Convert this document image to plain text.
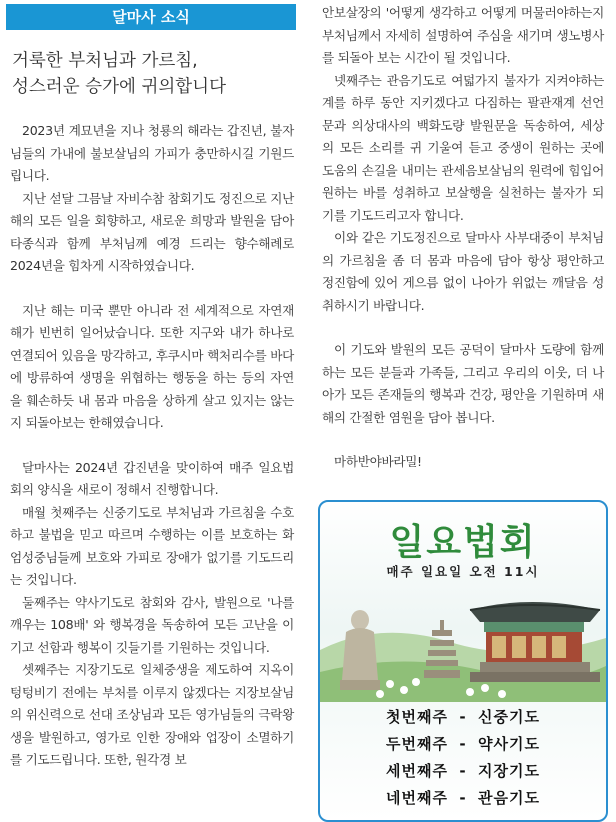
달마사 소식
거룩한 부처님과 가르침,
성스러운 승가에 귀의합니다

2023년 계묘년을 지나 청룡의 해라는 갑진년, 불자님들의 가내에 불보살님의 가피가 충만하시길 기원드립니다.

지난 섣달 그믐날 자비수참 참회기도 정진으로 지난 해의 모든 일을 회향하고, 새로운 희망과 발원을 담아 타종식과 함께 부처님께 예경 드리는 향수해례로 2024년을 힘차게 시작하였습니다.

지난 해는 미국 뿐만 아니라 전 세계적으로 자연재해가 빈번히 일어났습니다. 또한 지구와 내가 하나로 연결되어 있음을 망각하고, 후쿠시마 핵처리수를 바다에 방류하여 생명을 위협하는 행동을 하는 등의 자연을 훼손하듯 내 몸과 마음을 상하게 살고 있지는 않는지 되돌아보는 한해였습니다.

달마사는 2024년 갑진년을 맞이하여 매주 일요법회의 양식을 새로이 정해서 진행합니다.

매월 첫째주는 신중기도로 부처님과 가르침을 수호하고 불법을 믿고 따르며 수행하는 이를 보호하는 화엄성중님들께 보호와 가피로 장애가 없기를 기도드리는 것입니다.

둘째주는 약사기도로 참회와 감사, 발원으로 '나를 깨우는 108배' 와 행복경을 독송하여 모든 고난을 이기고 선함과 행복이 깃들기를 기원하는 것입니다.

셋째주는 지장기도로 일체중생을 제도하여 지옥이 텅텅비기 전에는 부처를 이루지 않겠다는 지장보살님의 위신력으로 선대 조상님과 모든 영가님들의 극락왕생을 발원하고, 영가로 인한 장애와 업장이 소멸하기를 기도드립니다. 또한, 원각경 보

안보살장의 '어떻게 생각하고 어떻게 머물러야하는지 부처님께서 자세히 설명하여 주심을 새기며 생노병사를 되돌아 보는 시간이 될 것입니다.

넷째주는 관음기도로 여덟가지 불자가 지켜야하는 계를 하루 동안 지키겠다고 다짐하는 팔관재계 선언문과 의상대사의 백화도량 발원문을 독송하여, 세상의 모든 소리를 귀 기울여 듣고 중생이 원하는 곳에 도움의 손길을 내미는 관세음보살님의 원력에 힘입어 원하는 바를 성취하고 보살행을 실천하는 불자가 되기를 기도드리고자 합니다.

이와 같은 기도정진으로 달마사 사부대중이 부처님의 가르침을 좀 더 몸과 마음에 담아 항상 평안하고 정진함에 있어 게으름 없이 나아가 위없는 깨달음 성취하시기 바랍니다.

이 기도와 발원의 모든 공덕이 달마사 도량에 함께하는 모든 분들과 가족들, 그리고 우리의 이웃, 더 나아가 모든 존재들의 행복과 건강, 평안을 기원하며 새해의 간절한 염원을 담아 봅니다.

마하반야바라밀!

일요법회
매주 일요일 오전 11시
첫번째주 - 신중기도
두번째주 - 약사기도
세번째주 - 지장기도
네번째주 - 관음기도
